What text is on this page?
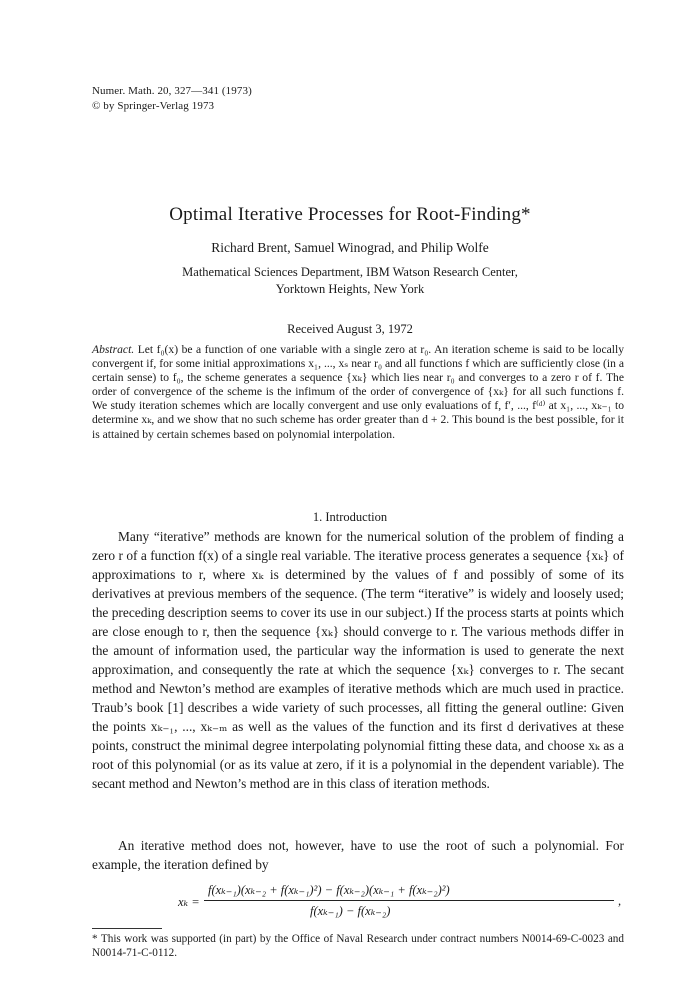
Numer. Math. 20, 327—341 (1973)
© by Springer-Verlag 1973
Optimal Iterative Processes for Root-Finding*
Richard Brent, Samuel Winograd, and Philip Wolfe
Mathematical Sciences Department, IBM Watson Research Center,
Yorktown Heights, New York
Received August 3, 1972
Abstract. Let f₀(x) be a function of one variable with a single zero at r₀. An iteration scheme is said to be locally convergent if, for some initial approximations x₁, ..., xₛ near r₀ and all functions f which are sufficiently close (in a certain sense) to f₀, the scheme generates a sequence {xₖ} which lies near r₀ and converges to a zero r of f. The order of convergence of the scheme is the infimum of the order of convergence of {xₖ} for all such functions f. We study iteration schemes which are locally convergent and use only evaluations of f, f′, ..., f⁽ᵈ⁾ at x₁, ..., xₖ₋₁ to determine xₖ, and we show that no such scheme has order greater than d + 2. This bound is the best possible, for it is attained by certain schemes based on polynomial interpolation.
1. Introduction
Many “iterative” methods are known for the numerical solution of the problem of finding a zero r of a function f(x) of a single real variable. The iterative process generates a sequence {xₖ} of approximations to r, where xₖ is determined by the values of f and possibly of some of its derivatives at previous members of the sequence. (The term “iterative” is widely and loosely used; the preceding description seems to cover its use in our subject.) If the process starts at points which are close enough to r, then the sequence {xₖ} should converge to r. The various methods differ in the amount of information used, the particular way the information is used to generate the next approximation, and consequently the rate at which the sequence {xₖ} converges to r. The secant method and Newton’s method are examples of iterative methods which are much used in practice. Traub’s book [1] describes a wide variety of such processes, all fitting the general outline: Given the points xₖ₋₁, ..., xₖ₋ₘ as well as the values of the function and its first d derivatives at these points, construct the minimal degree interpolating polynomial fitting these data, and choose xₖ as a root of this polynomial (or as its value at zero, if it is a polynomial in the dependent variable). The secant method and Newton’s method are in this class of iteration methods.
An iterative method does not, however, have to use the root of such a polynomial. For example, the iteration defined by
xₖ =
f(xₖ₋₁)(xₖ₋₂ + f(xₖ₋₁)²) − f(xₖ₋₂)(xₖ₋₁ + f(xₖ₋₂)²)
f(xₖ₋₁) − f(xₖ₋₂)
,
* This work was supported (in part) by the Office of Naval Research under contract numbers N0014-69-C-0023 and N0014-71-C-0112.
